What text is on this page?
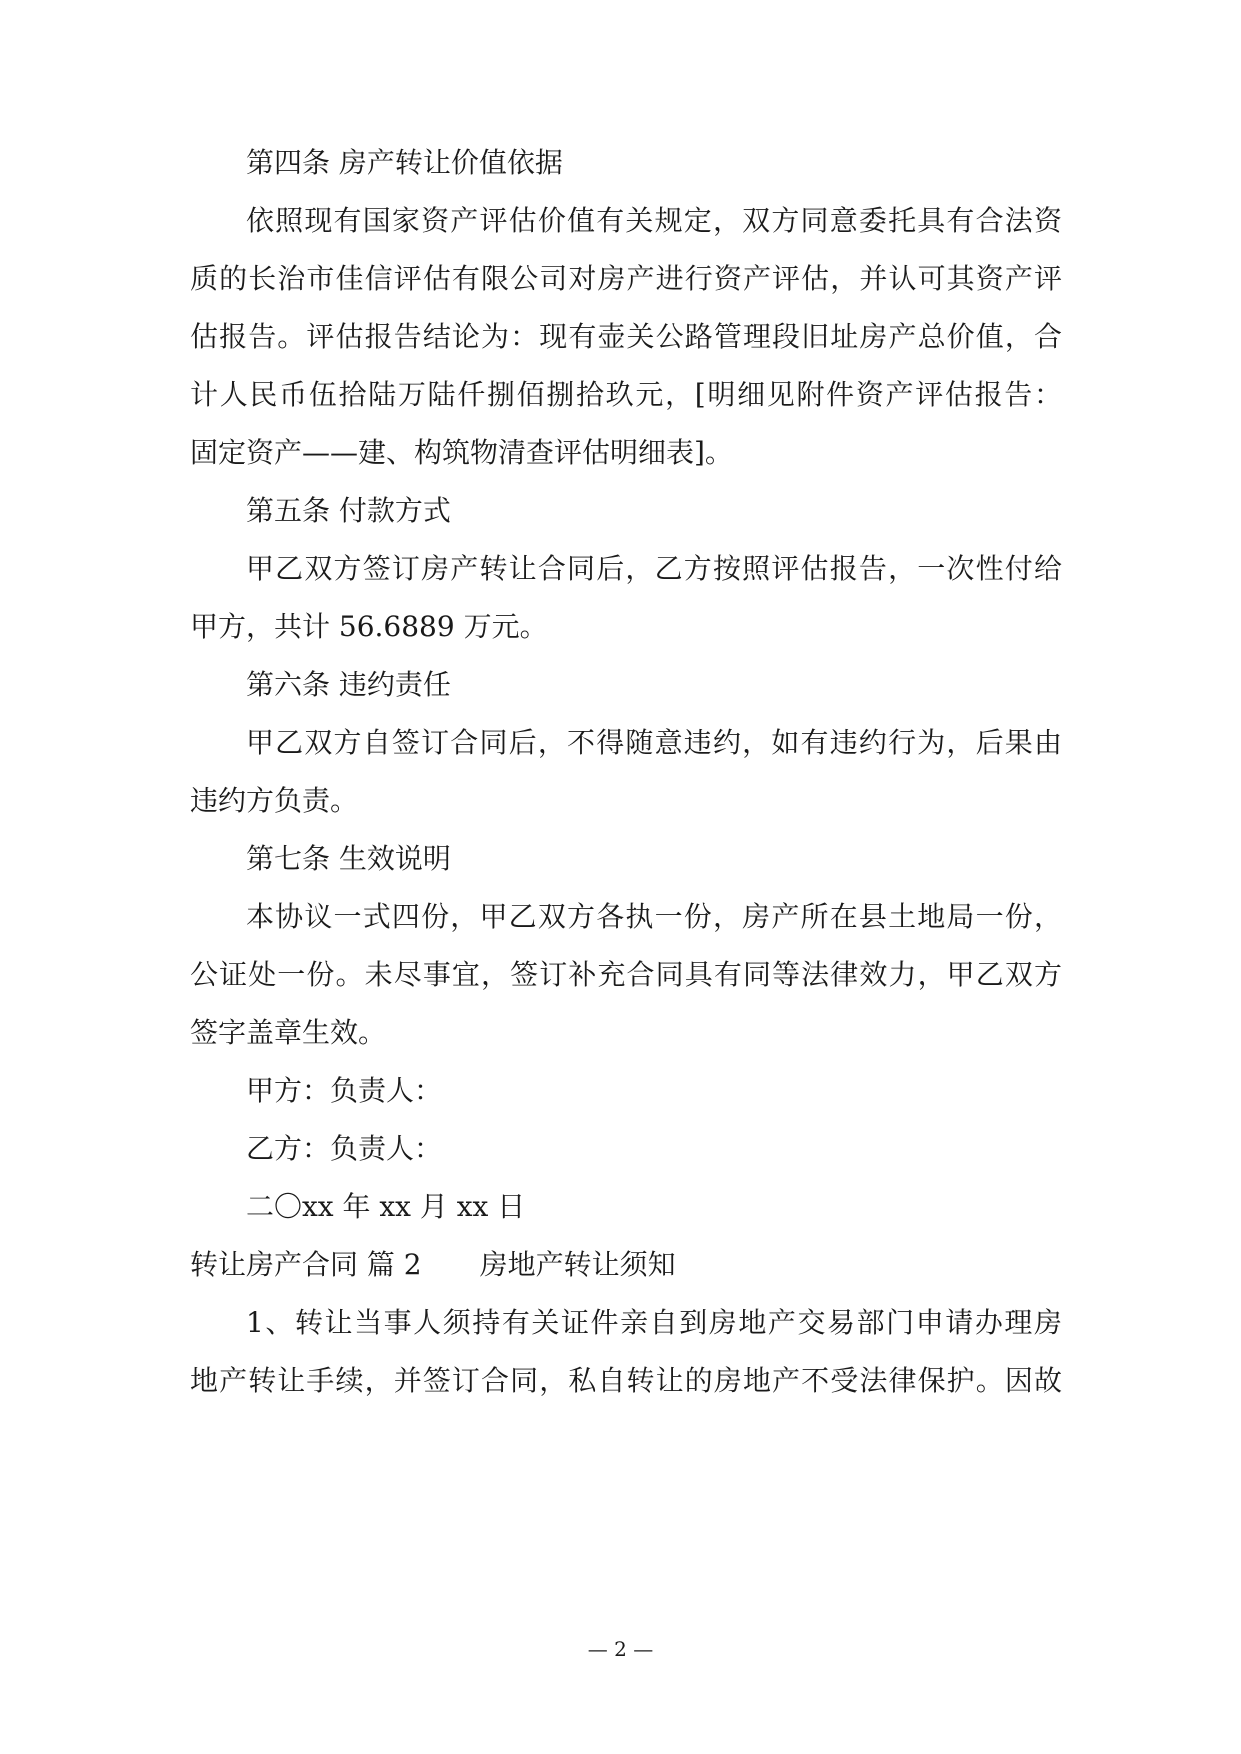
第四条 房产转让价值依据
依照现有国家资产评估价值有关规定，双方同意委托具有合法资
质的长治市佳信评估有限公司对房产进行资产评估，并认可其资产评
估报告。评估报告结论为：现有壶关公路管理段旧址房产总价值，合
计人民币伍拾陆万陆仟捌佰捌拾玖元，[明细见附件资产评估报告：
固定资产——建、构筑物清查评估明细表]。
第五条 付款方式
甲乙双方签订房产转让合同后，乙方按照评估报告，一次性付给
甲方，共计 56.6889 万元。
第六条 违约责任
甲乙双方自签订合同后，不得随意违约，如有违约行为，后果由
违约方负责。
第七条 生效说明
本协议一式四份，甲乙双方各执一份，房产所在县土地局一份，
公证处一份。未尽事宜，签订补充合同具有同等法律效力，甲乙双方
签字盖章生效。
甲方：负责人：
乙方：负责人：
二〇xx 年 xx 月 xx 日
转让房产合同 篇 2 房地产转让须知
1、转让当事人须持有关证件亲自到房地产交易部门申请办理房
地产转让手续，并签订合同，私自转让的房地产不受法律保护。因故
— 2 —
